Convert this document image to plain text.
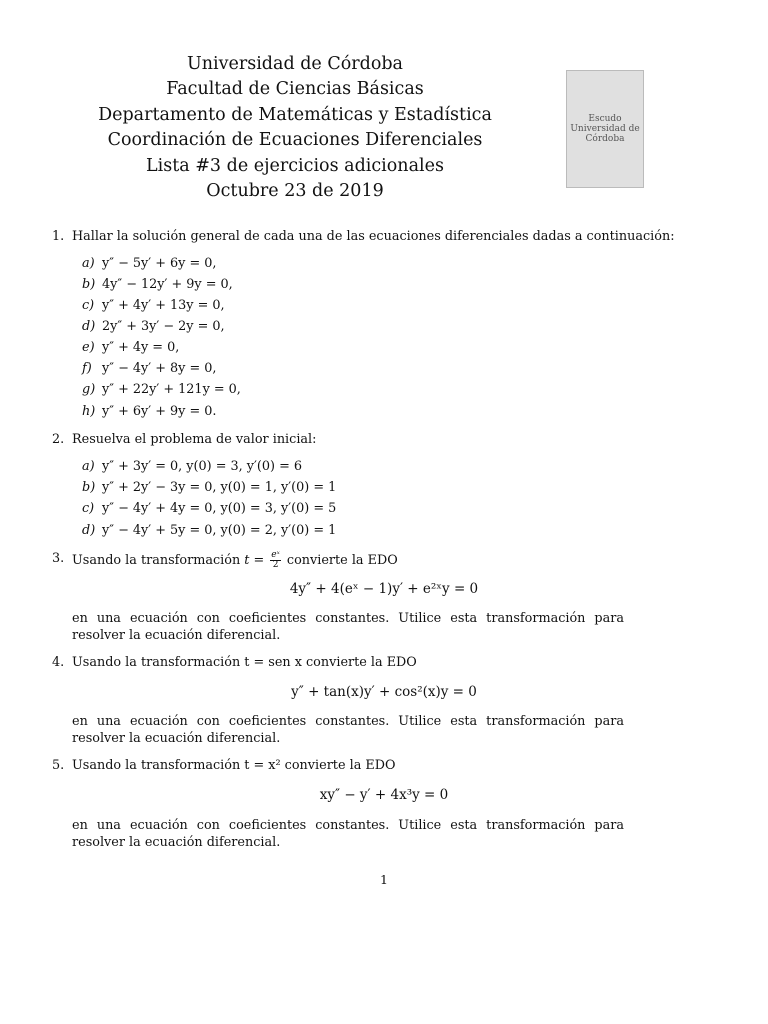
Universidad de Córdoba
Facultad de Ciencias Básicas
Departamento de Matemáticas y Estadística
Coordinación de Ecuaciones Diferenciales
Lista #3 de ejercicios adicionales
Octubre 23 de 2019
Escudo Universidad de Córdoba
1. Hallar la solución general de cada una de las ecuaciones diferenciales dadas a continuación:
a) y″ − 5y′ + 6y = 0,
b) 4y″ − 12y′ + 9y = 0,
c) y″ + 4y′ + 13y = 0,
d) 2y″ + 3y′ − 2y = 0,
e) y″ + 4y = 0,
f) y″ − 4y′ + 8y = 0,
g) y″ + 22y′ + 121y = 0,
h) y″ + 6y′ + 9y = 0.
2. Resuelva el problema de valor inicial:
a) y″ + 3y′ = 0, y(0) = 3, y′(0) = 6
b) y″ + 2y′ − 3y = 0, y(0) = 1, y′(0) = 1
c) y″ − 4y′ + 4y = 0, y(0) = 3, y′(0) = 5
d) y″ − 4y′ + 5y = 0, y(0) = 2, y′(0) = 1
3. Usando la transformación $t = \frac{\text{eˣ}}{2}$ convierte la EDO
4y″ + 4(eˣ − 1)y′ + e²ˣy = 0
en una ecuación con coeficientes constantes. Utilice esta transformación para resolver la ecuación diferencial.
4. Usando la transformación t = sen x convierte la EDO
y″ + tan(x)y′ + cos²(x)y = 0
en una ecuación con coeficientes constantes. Utilice esta transformación para resolver la ecuación diferencial.
5. Usando la transformación t = x² convierte la EDO
xy″ − y′ + 4x³y = 0
en una ecuación con coeficientes constantes. Utilice esta transformación para resolver la ecuación diferencial.
1
